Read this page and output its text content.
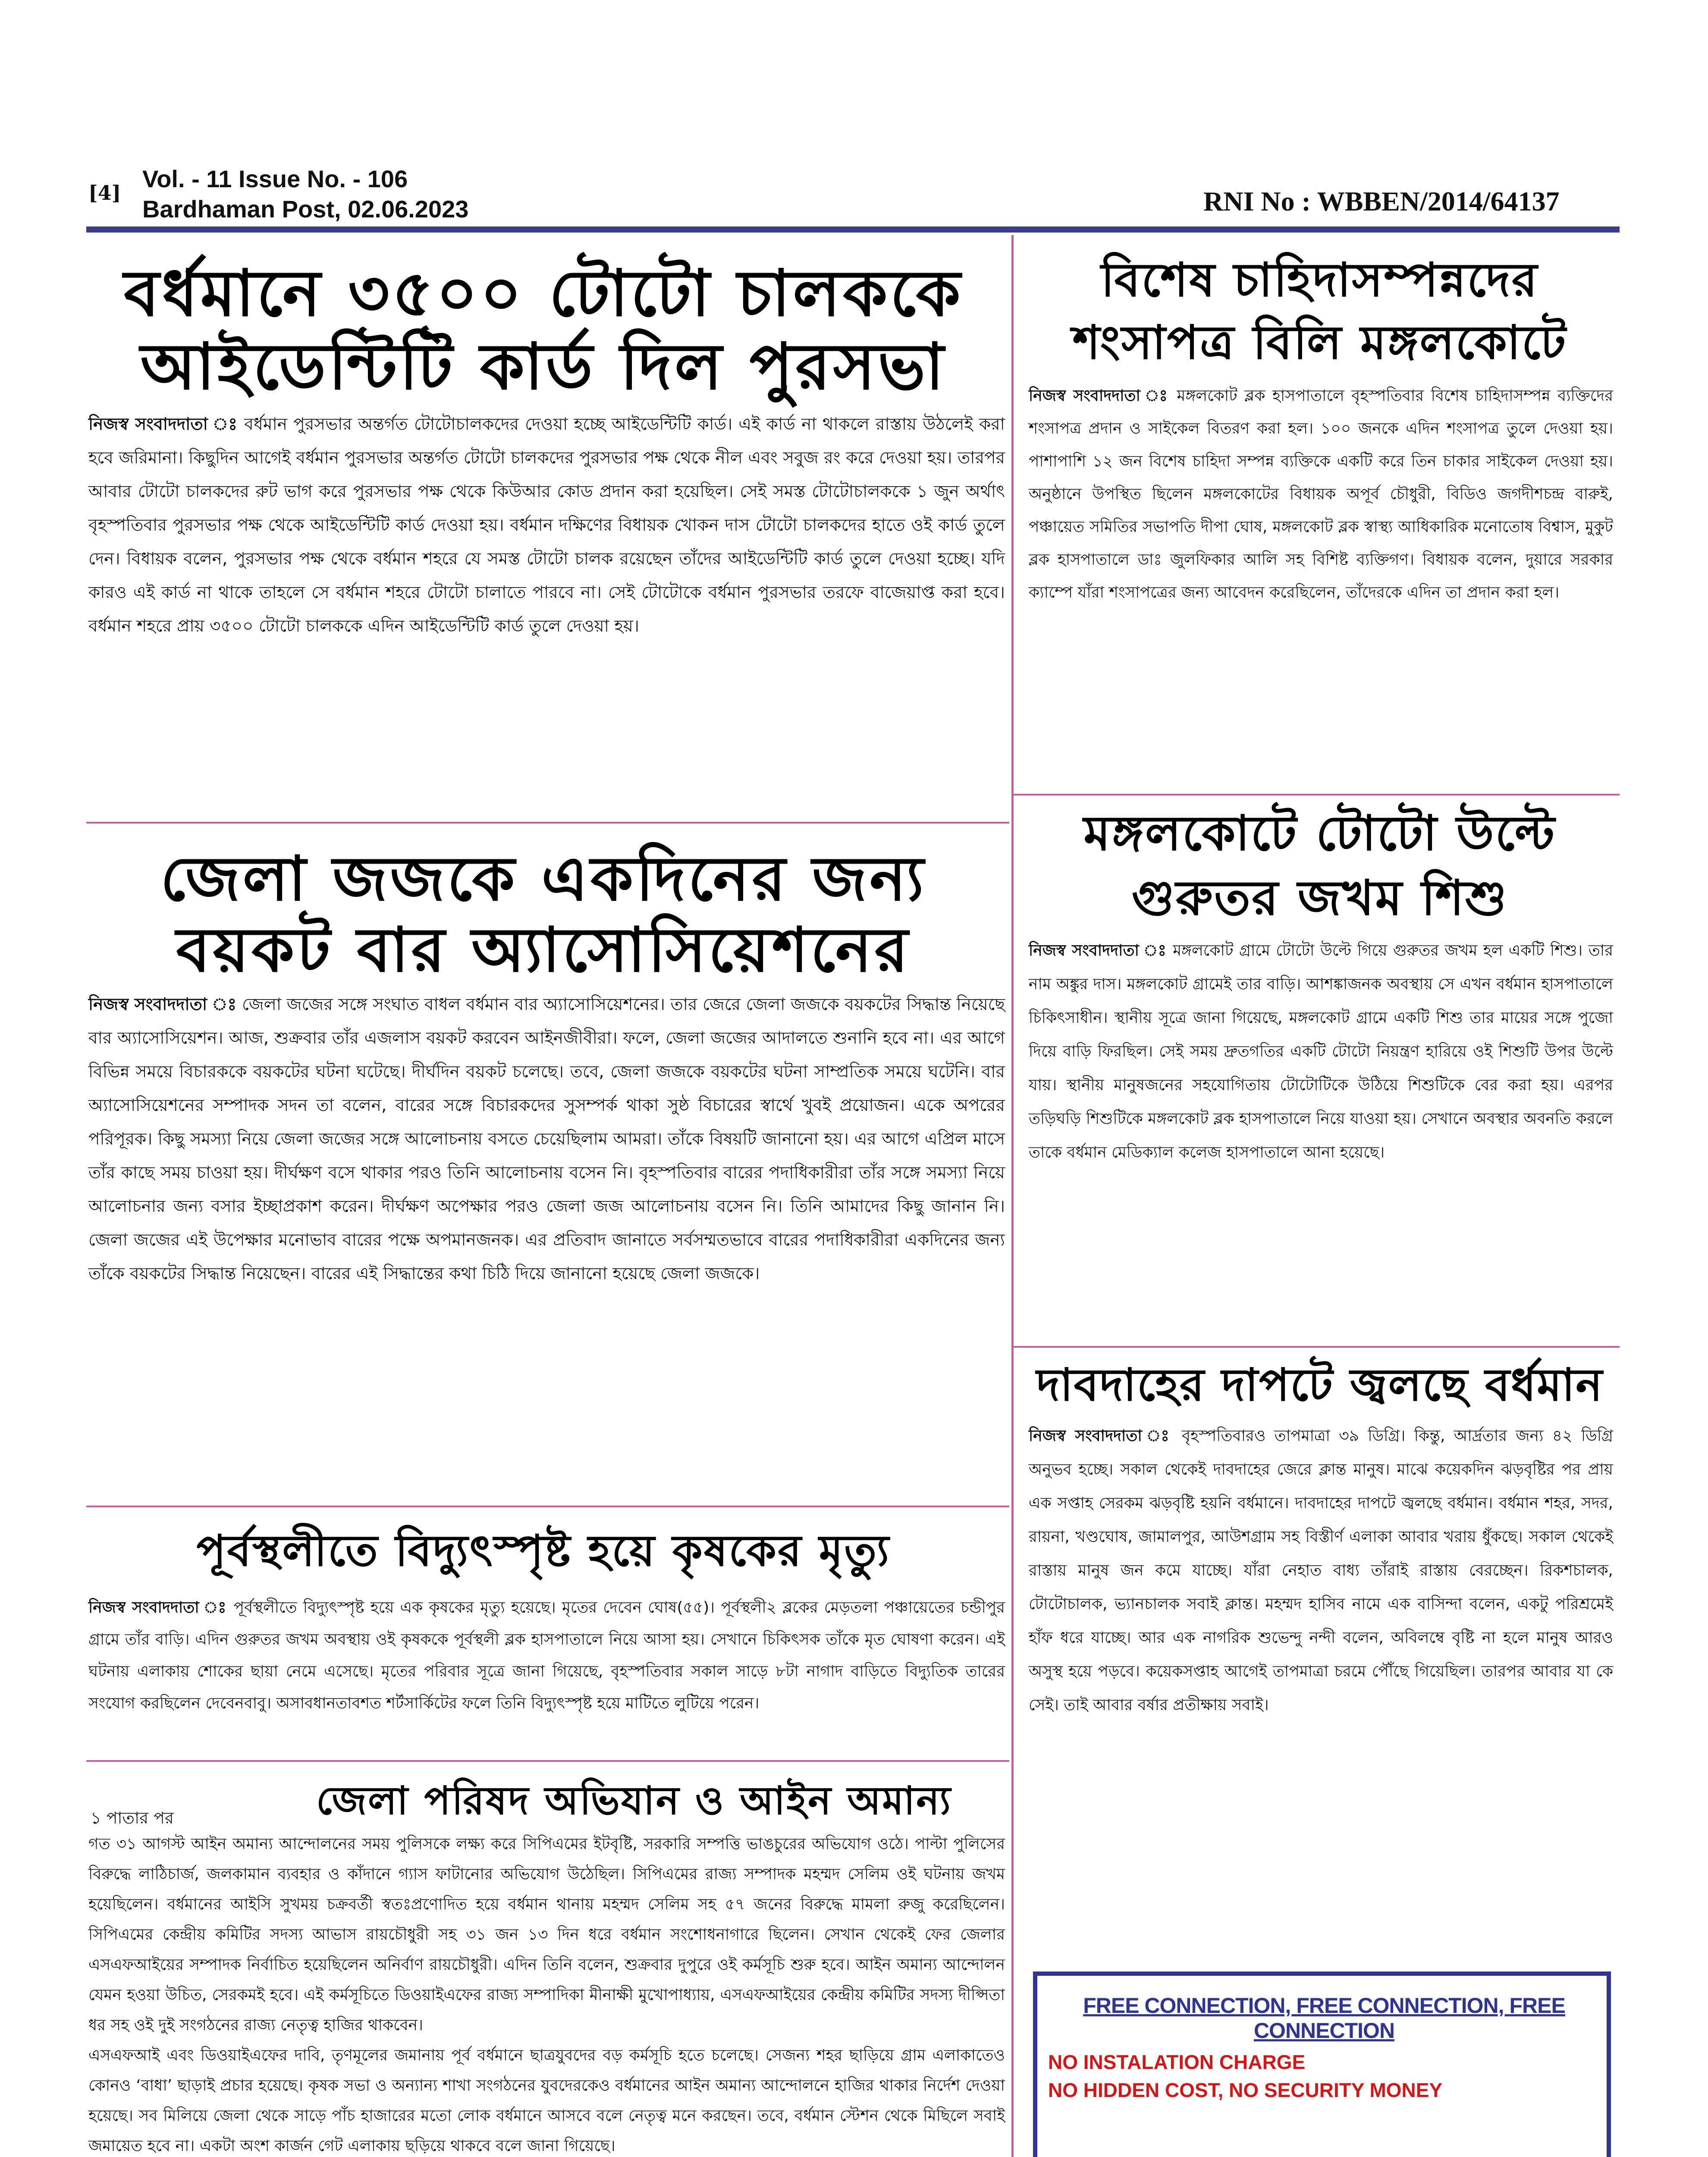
[4]
Vol. - 11 Issue No. - 106
Bardhaman Post, 02.06.2023	RNI No : WBBEN/2014/64137
বর্ধমানে ৩৫০০ টোটো চালককে
আইডেন্টিটি কার্ড দিল পুরসভা

নিজস্ব সংবাদদাতা ঃ বর্ধমান পুরসভার অন্তর্গত টোটোচালকদের দেওয়া হচ্ছে আইডেন্টিটি কার্ড। এই কার্ড না থাকলে রাস্তায় উঠলেই করা হবে জরিমানা। কিছুদিন আগেই বর্ধমান পুরসভার অন্তর্গত টোটো চালকদের পুরসভার পক্ষ থেকে নীল এবং সবুজ রং করে দেওয়া হয়। তারপর আবার টোটো চালকদের রুট ভাগ করে পুরসভার পক্ষ থেকে কিউআর কোড প্রদান করা হয়েছিল। সেই সমস্ত টোটোচালককে ১ জুন অর্থাৎ বৃহস্পতিবার পুরসভার পক্ষ থেকে আইডেন্টিটি কার্ড দেওয়া হয়। বর্ধমান দক্ষিণের বিধায়ক খোকন দাস টোটো চালকদের হাতে ওই কার্ড তুলে দেন। বিধায়ক বলেন, পুরসভার পক্ষ থেকে বর্ধমান শহরে যে সমস্ত টোটো চালক রয়েছেন তাঁদের আইডেন্টিটি কার্ড তুলে দেওয়া হচ্ছে। যদি কারও এই কার্ড না থাকে তাহলে সে বর্ধমান শহরে টোটো চালাতে পারবে না। সেই টোটোকে বর্ধমান পুরসভার তরফে বাজেয়াপ্ত করা হবে। বর্ধমান শহরে প্রায় ৩৫০০ টোটো চালককে এদিন আইডেন্টিটি কার্ড তুলে দেওয়া হয়।

জেলা জজকে একদিনের জন্য
বয়কট বার অ্যাসোসিয়েশনের

নিজস্ব সংবাদদাতা ঃ জেলা জজের সঙ্গে সংঘাত বাধল বর্ধমান বার অ্যাসোসিয়েশনের। তার জেরে জেলা জজকে বয়কটের সিদ্ধান্ত নিয়েছে বার অ্যাসোসিয়েশন। আজ, শুক্রবার তাঁর এজলাস বয়কট করবেন আইনজীবীরা। ফলে, জেলা জজের আদালতে শুনানি হবে না। এর আগে বিভিন্ন সময়ে বিচারককে বয়কটের ঘটনা ঘটেছে। দীর্ঘদিন বয়কট চলেছে। তবে, জেলা জজকে বয়কটের ঘটনা সাম্প্রতিক সময়ে ঘটেনি। বার অ্যাসোসিয়েশনের সম্পাদক সদন তা বলেন, বারের সঙ্গে বিচারকদের সুসম্পর্ক থাকা সুষ্ঠ বিচারের স্বার্থে খুবই প্রয়োজন। একে অপরের পরিপূরক। কিছু সমস্যা নিয়ে জেলা জজের সঙ্গে আলোচনায় বসতে চেয়েছিলাম আমরা। তাঁকে বিষয়টি জানানো হয়। এর আগে এপ্রিল মাসে তাঁর কাছে সময় চাওয়া হয়। দীর্ঘক্ষণ বসে থাকার পরও তিনি আলোচনায় বসেন নি। বৃহস্পতিবার বারের পদাধিকারীরা তাঁর সঙ্গে সমস্যা নিয়ে আলোচনার জন্য বসার ইচ্ছাপ্রকাশ করেন। দীর্ঘক্ষণ অপেক্ষার পরও জেলা জজ আলোচনায় বসেন নি। তিনি আমাদের কিছু জানান নি। জেলা জজের এই উপেক্ষার মনোভাব বারের পক্ষে অপমানজনক। এর প্রতিবাদ জানাতে সর্বসম্মতভাবে বারের পদাধিকারীরা একদিনের জন্য তাঁকে বয়কটের সিদ্ধান্ত নিয়েছেন। বারের এই সিদ্ধান্তের কথা চিঠি দিয়ে জানানো হয়েছে জেলা জজকে।

পূর্বস্থলীতে বিদ্যুৎস্পৃষ্ট হয়ে কৃষকের মৃত্যু

নিজস্ব সংবাদদাতা ঃ পূর্বস্থলীতে বিদ্যুৎস্পৃষ্ট হয়ে এক কৃষকের মৃত্যু হয়েছে। মৃতের দেবেন ঘোষ(৫৫)। পূর্বস্থলী২ ব্লকের মেড়তলা পঞ্চায়েতের চন্ডীপুর গ্রামে তাঁর বাড়ি। এদিন গুরুতর জখম অবস্থায় ওই কৃষককে পূর্বস্থলী ব্লক হাসপাতালে নিয়ে আসা হয়। সেখানে চিকিৎসক তাঁকে মৃত ঘোষণা করেন। এই ঘটনায় এলাকায় শোকের ছায়া নেমে এসেছে। মৃতের পরিবার সূত্রে জানা গিয়েছে, বৃহস্পতিবার সকাল সাড়ে ৮টা নাগাদ বাড়িতে বিদ্যুতিক তারের সংযোগ করছিলেন দেবেনবাবু। অসাবধানতাবশত শর্টসার্কিটের ফলে তিনি বিদ্যুৎস্পৃষ্ট হয়ে মাটিতে লুটিয়ে পরেন।

১ পাতার পর	জেলা পরিষদ অভিযান ও আইন অমান্য

গত ৩১ আগস্ট আইন অমান্য আন্দোলনের সময় পুলিসকে লক্ষ্য করে সিপিএমের ইটবৃষ্টি, সরকারি সম্পত্তি ভাঙচুরের অভিযোগ ওঠে। পাল্টা পুলিসের বিরুদ্ধে লাঠিচার্জ, জলকামান ব্যবহার ও কাঁদানে গ্যাস ফাটানোর অভিযোগ উঠেছিল। সিপিএমের রাজ্য সম্পাদক মহম্মদ সেলিম ওই ঘটনায় জখম হয়েছিলেন। বর্ধমানের আইসি সুখময় চক্রবর্তী স্বতঃপ্রণোদিত হয়ে বর্ধমান থানায় মহম্মদ সেলিম সহ ৫৭ জনের বিরুদ্ধে মামলা রুজু করেছিলেন। সিপিএমের কেন্দ্রীয় কমিটির সদস্য আভাস রায়চৌধুরী সহ ৩১ জন ১৩ দিন ধরে বর্ধমান সংশোধনাগারে ছিলেন। সেখান থেকেই ফের জেলার এসএফআইয়ের সম্পাদক নির্বাচিত হয়েছিলেন অনির্বাণ রায়চৌধুরী। এদিন তিনি বলেন, শুক্রবার দুপুরে ওই কর্মসূচি শুরু হবে। আইন অমান্য আন্দোলন যেমন হওয়া উচিত, সেরকমই হবে। এই কর্মসূচিতে ডিওয়াইএফের রাজ্য সম্পাদিকা মীনাক্ষী মুখোপাধ্যায়, এসএফআইয়ের কেন্দ্রীয় কমিটির সদস্য দীপ্সিতা ধর সহ ওই দুই সংগঠনের রাজ্য নেতৃত্ব হাজির থাকবেন।

এসএফআই এবং ডিওয়াইএফের দাবি, তৃণমূলের জমানায় পূর্ব বর্ধমানে ছাত্রযুবদের বড় কর্মসূচি হতে চলেছে। সেজন্য শহর ছাড়িয়ে গ্রাম এলাকাতেও কোনও ‘বাধা’ ছাড়াই প্রচার হয়েছে। কৃষক সভা ও অন্যান্য শাখা সংগঠনের যুবদেরকেও বর্ধমানের আইন অমান্য আন্দোলনে হাজির থাকার নির্দেশ দেওয়া হয়েছে। সব মিলিয়ে জেলা থেকে সাড়ে পাঁচ হাজারের মতো লোক বর্ধমানে আসবে বলে নেতৃত্ব মনে করছেন। তবে, বর্ধমান স্টেশন থেকে মিছিলে সবাই জমায়েত হবে না। একটা অংশ কার্জন গেট এলাকায় ছড়িয়ে থাকবে বলে জানা গিয়েছে।

বিশেষ চাহিদাসম্পন্নদের
শংসাপত্র বিলি মঙ্গলকোটে

নিজস্ব সংবাদদাতা ঃ মঙ্গলকোট ব্লক হাসপাতালে বৃহস্পতিবার বিশেষ চাহিদাসম্পন্ন ব্যক্তিদের শংসাপত্র প্রদান ও সাইকেল বিতরণ করা হল। ১০০ জনকে এদিন শংসাপত্র তুলে দেওয়া হয়। পাশাপাশি ১২ জন বিশেষ চাহিদা সম্পন্ন ব্যক্তিকে একটি করে তিন চাকার সাইকেল দেওয়া হয়। অনুষ্ঠানে উপস্থিত ছিলেন মঙ্গলকোটের বিধায়ক অপূর্ব চৌধুরী, বিডিও জগদীশচন্দ্র বারুই, পঞ্চায়েত সমিতির সভাপতি দীপা ঘোষ, মঙ্গলকোট ব্লক স্বাস্থ্য আধিকারিক মনোতোষ বিশ্বাস, মুকুট ব্লক হাসপাতালে ডাঃ জুলফিকার আলি সহ বিশিষ্ট ব্যক্তিগণ। বিধায়ক বলেন, দুয়ারে সরকার ক্যাম্পে যাঁরা শংসাপত্রের জন্য আবেদন করেছিলেন, তাঁদেরকে এদিন তা প্রদান করা হল।

মঙ্গলকোটে টোটো উল্টে
গুরুতর জখম শিশু

নিজস্ব সংবাদদাতা ঃ মঙ্গলকোট গ্রামে টোটো উল্টে গিয়ে গুরুতর জখম হল একটি শিশু। তার নাম অঙ্কুর দাস। মঙ্গলকোট গ্রামেই তার বাড়ি। আশঙ্কাজনক অবস্থায় সে এখন বর্ধমান হাসপাতালে চিকিৎসাধীন। স্থানীয় সূত্রে জানা গিয়েছে, মঙ্গলকোট গ্রামে একটি শিশু তার মায়ের সঙ্গে পুজো দিয়ে বাড়ি ফিরছিল। সেই সময় দ্রুতগতির একটি টোটো নিয়ন্ত্রণ হারিয়ে ওই শিশুটি উপর উল্টে যায়। স্থানীয় মানুষজনের সহযোগিতায় টোটোটিকে উঠিয়ে শিশুটিকে বের করা হয়। এরপর তড়িঘড়ি শিশুটিকে মঙ্গলকোট ব্লক হাসপাতালে নিয়ে যাওয়া হয়। সেখানে অবস্থার অবনতি করলে তাকে বর্ধমান মেডিক্যাল কলেজ হাসপাতালে আনা হয়েছে।

দাবদাহের দাপটে জ্বলছে বর্ধমান

নিজস্ব সংবাদদাতা ঃ বৃহস্পতিবারও তাপমাত্রা ৩৯ ডিগ্রি। কিন্তু, আর্দ্রতার জন্য ৪২ ডিগ্রি অনুভব হচ্ছে। সকাল থেকেই দাবদাহের জেরে ক্লান্ত মানুষ। মাঝে কয়েকদিন ঝড়বৃষ্টির পর প্রায় এক সপ্তাহ সেরকম ঝড়বৃষ্টি হয়নি বর্ধমানে। দাবদাহের দাপটে জ্বলছে বর্ধমান। বর্ধমান শহর, সদর, রায়না, খণ্ডঘোষ, জামালপুর, আউশগ্রাম সহ বিস্তীর্ণ এলাকা আবার খরায় ধুঁকছে। সকাল থেকেই রাস্তায় মানুষ জন কমে যাচ্ছে। যাঁরা নেহাত বাধ্য তাঁরাই রাস্তায় বেরচ্ছেন। রিকশচালক, টোটোচালক, ভ্যানচালক সবাই ক্লান্ত। মহম্মদ হাসিব নামে এক বাসিন্দা বলেন, একটু পরিশ্রমেই হাঁফ ধরে যাচ্ছে। আর এক নাগরিক শুভেন্দু নন্দী বলেন, অবিলম্বে বৃষ্টি না হলে মানুষ আরও অসুস্থ হয়ে পড়বে। কয়েকসপ্তাহ আগেই তাপমাত্রা চরমে পৌঁছে গিয়েছিল। তারপর আবার যা কে সেই। তাই আবার বর্ষার প্রতীক্ষায় সবাই।

FREE CONNECTION, FREE CONNECTION, FREE CONNECTION
NO INSTALATION CHARGE
NO HIDDEN COST, NO SECURITY MONEY
